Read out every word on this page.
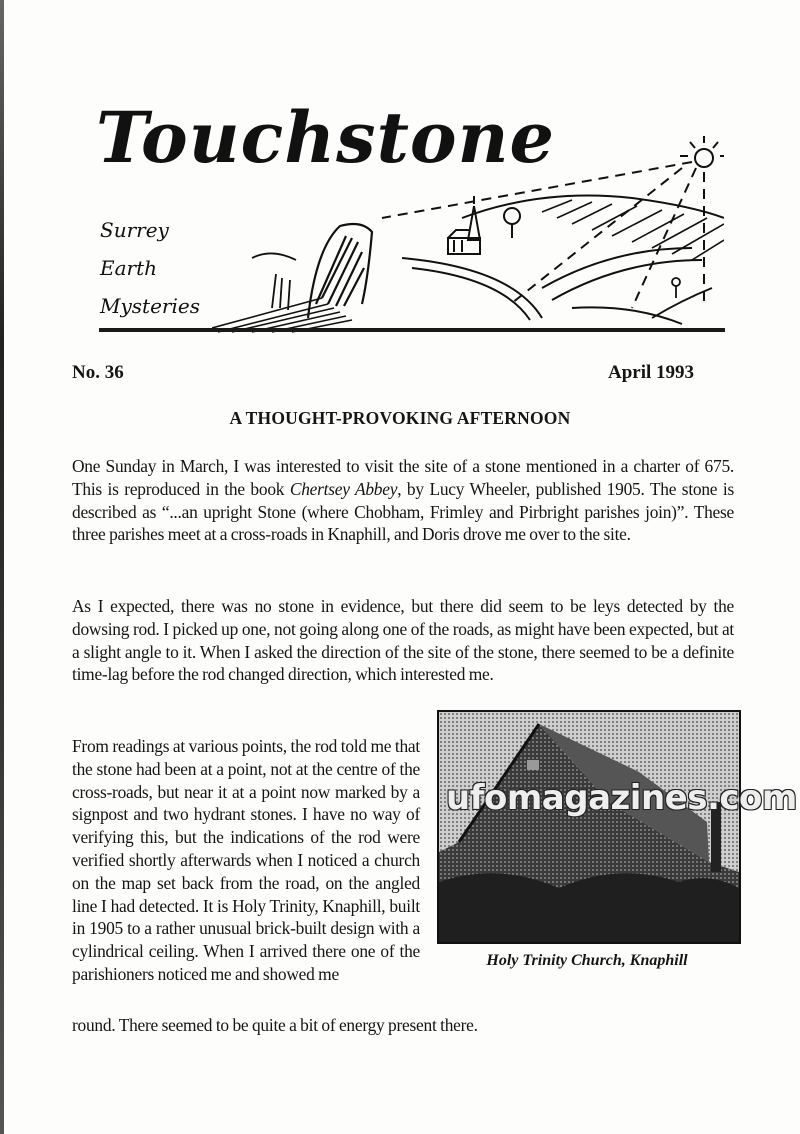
Touchstone
Surrey
Earth
Mysteries
No. 36	April 1993
A THOUGHT-PROVOKING AFTERNOON

One Sunday in March, I was interested to visit the site of a stone mentioned in a charter of 675. This is reproduced in the book Chertsey Abbey, by Lucy Wheeler, published 1905. The stone is described as “...an upright Stone (where Chobham, Frimley and Pirbright parishes join)”. These three parishes meet at a cross-roads in Knaphill, and Doris drove me over to the site.

As I expected, there was no stone in evidence, but there did seem to be leys detected by the dowsing rod. I picked up one, not going along one of the roads, as might have been expected, but at a slight angle to it. When I asked the direction of the site of the stone, there seemed to be a definite time-lag before the rod changed direction, which interested me.

From readings at various points, the rod told me that the stone had been at a point, not at the centre of the cross-roads, but near it at a point now marked by a signpost and two hydrant stones. I have no way of verifying this, but the indications of the rod were verified shortly afterwards when I noticed a church on the map set back from the road, on the angled line I had detected. It is Holy Trinity, Knaphill, built in 1905 to a rather unusual brick-built design with a cylindrical ceiling. When I arrived there one of the parishioners noticed me and showed me

round. There seemed to be quite a bit of energy present there.

Holy Trinity Church, Knaphill
ufomagazines.com
